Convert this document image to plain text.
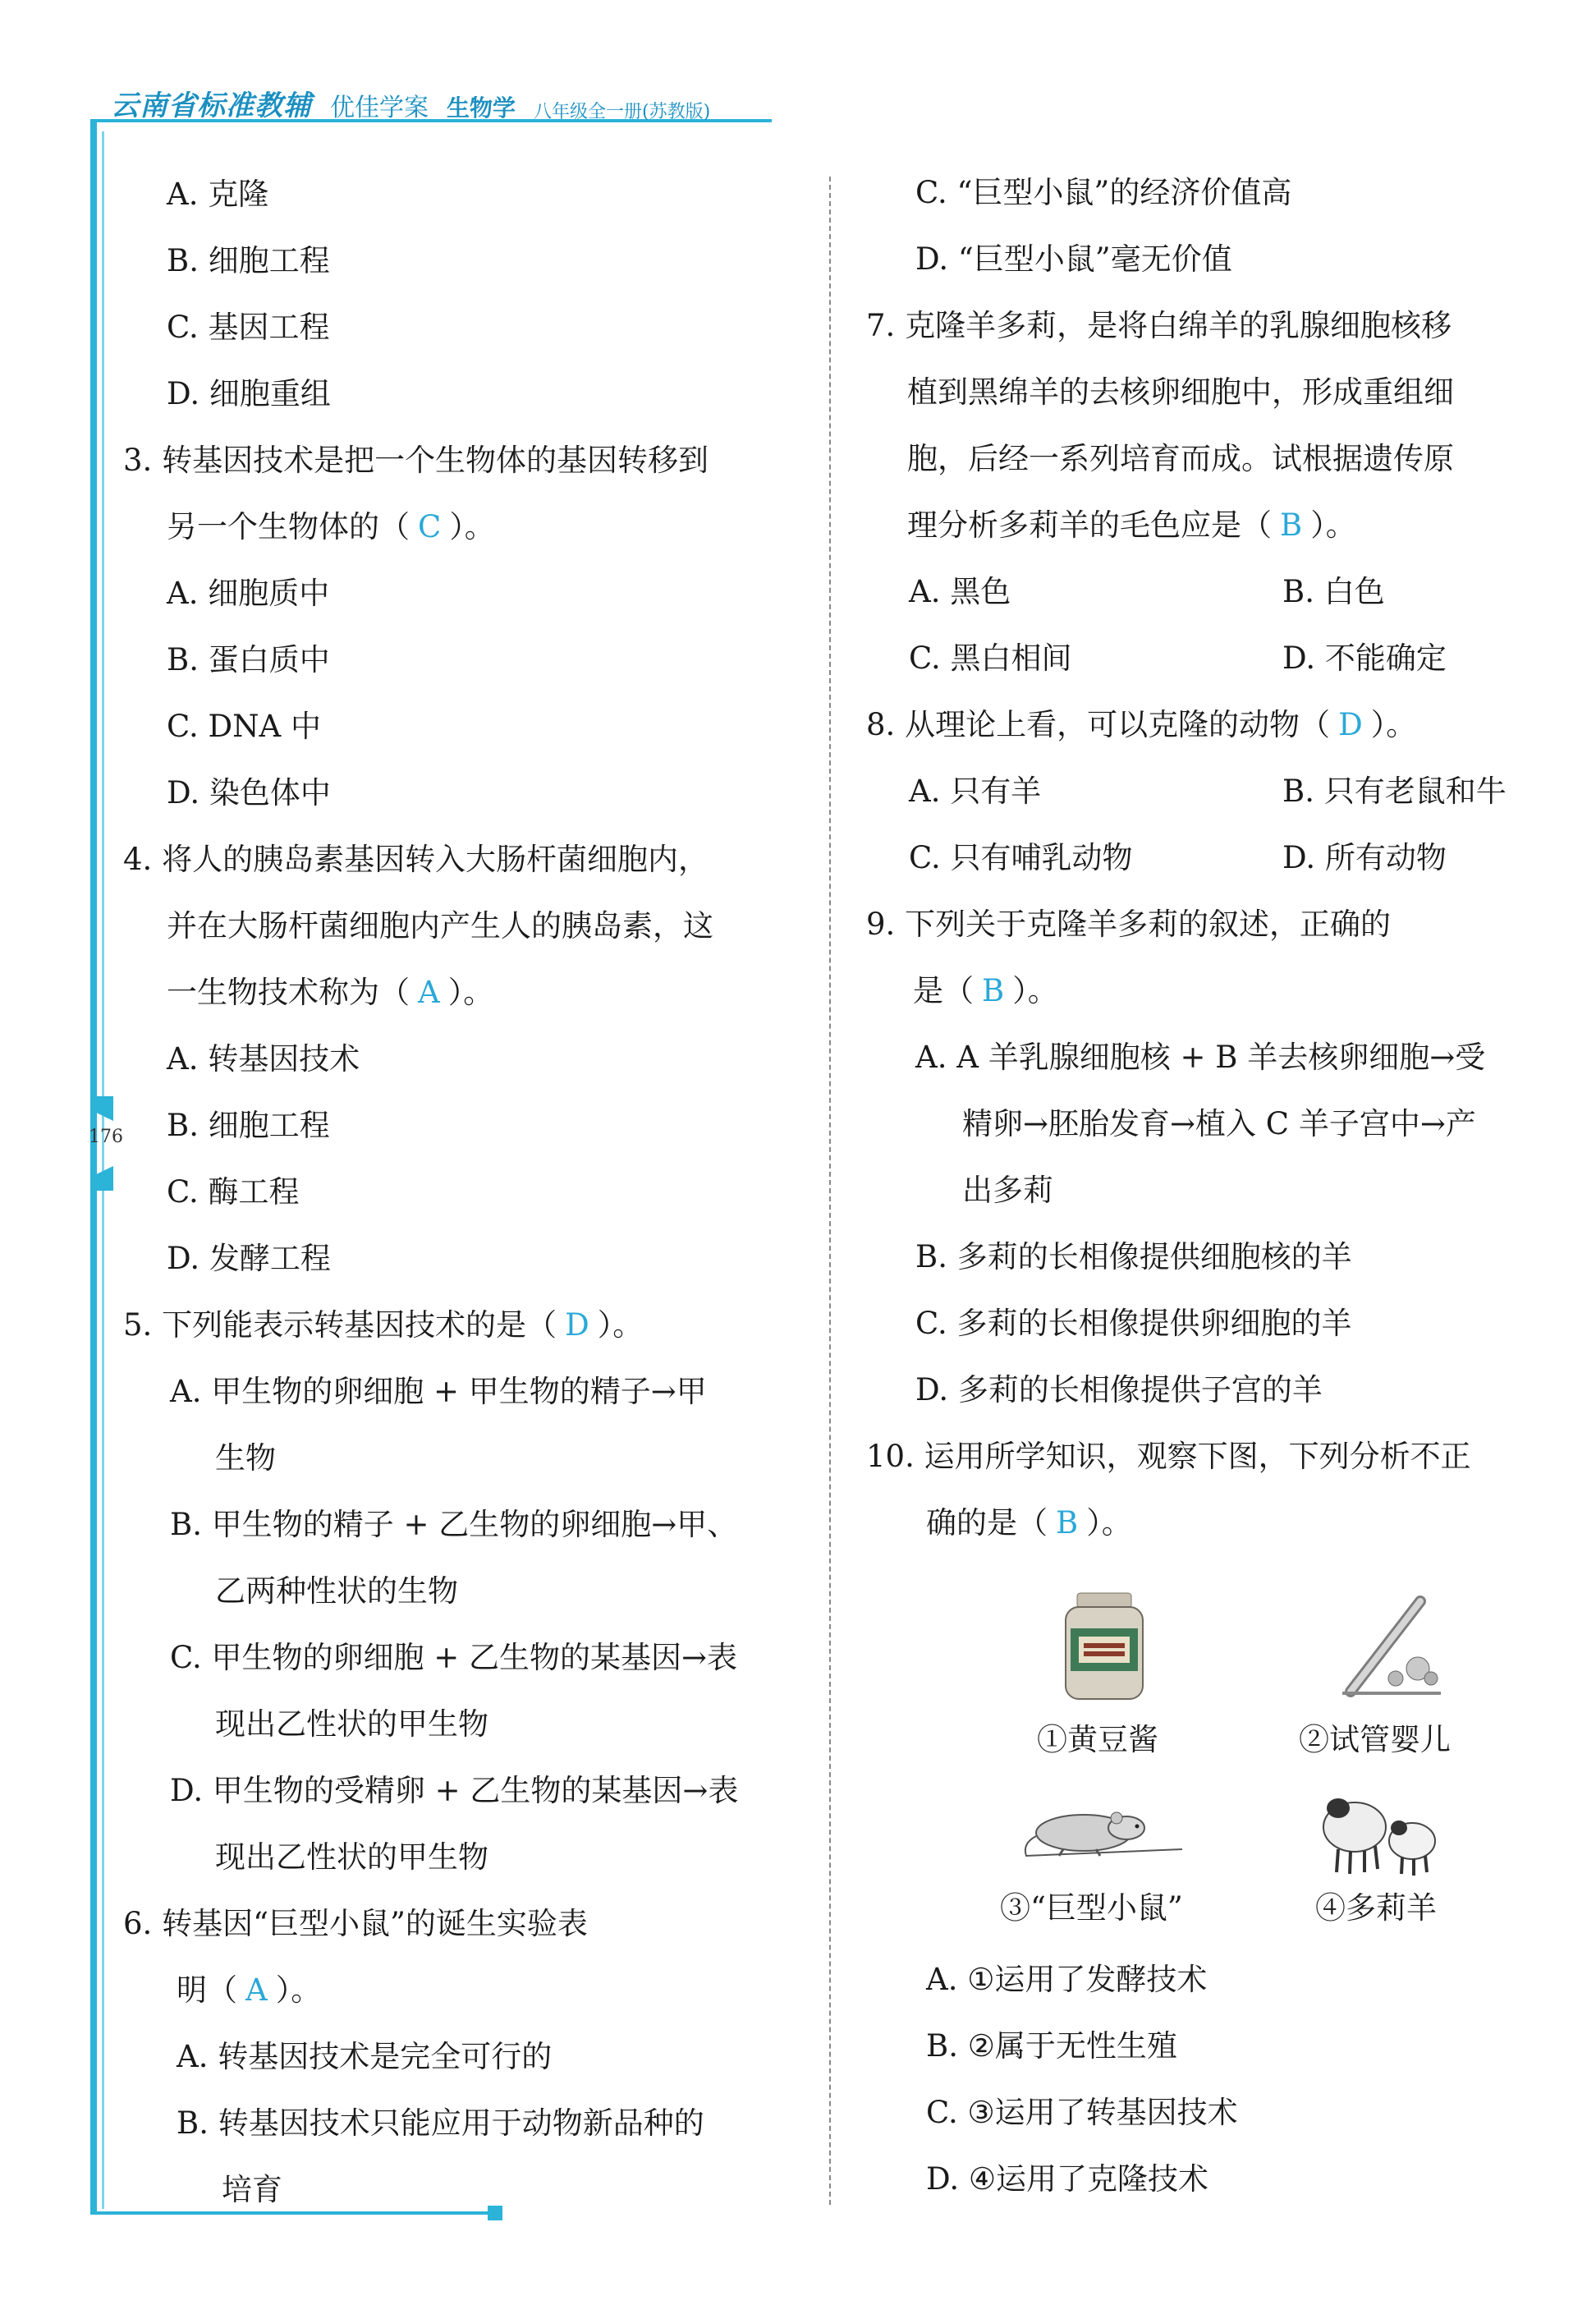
176
云南省标准教辅 优佳学案 生物学 八年级全一册(苏教版)
A. 克隆
B. 细胞工程
C. 基因工程
D. 细胞重组
3. 转基因技术是把一个生物体的基因转移到
另一个生物体的（ C ）。
A. 细胞质中
B. 蛋白质中
C. DNA 中
D. 染色体中
4. 将人的胰岛素基因转入大肠杆菌细胞内，
并在大肠杆菌细胞内产生人的胰岛素，这
一生物技术称为（ A ）。
A. 转基因技术
B. 细胞工程
C. 酶工程
D. 发酵工程
5. 下列能表示转基因技术的是（ D ）。
A. 甲生物的卵细胞 + 甲生物的精子→甲
生物
B. 甲生物的精子 + 乙生物的卵细胞→甲、
乙两种性状的生物
C. 甲生物的卵细胞 + 乙生物的某基因→表
现出乙性状的甲生物
D. 甲生物的受精卵 + 乙生物的某基因→表
现出乙性状的甲生物
6. 转基因“巨型小鼠”的诞生实验表
明（ A ）。
A. 转基因技术是完全可行的
B. 转基因技术只能应用于动物新品种的
培育
C. “巨型小鼠”的经济价值高
D. “巨型小鼠”毫无价值
7. 克隆羊多莉，是将白绵羊的乳腺细胞核移
植到黑绵羊的去核卵细胞中，形成重组细
胞，后经一系列培育而成。试根据遗传原
理分析多莉羊的毛色应是（ B ）。
A. 黑色	B. 白色
C. 黑白相间	D. 不能确定
8. 从理论上看，可以克隆的动物（ D ）。
A. 只有羊	B. 只有老鼠和牛
C. 只有哺乳动物	D. 所有动物
9. 下列关于克隆羊多莉的叙述，正确的
是（ B ）。
A. A 羊乳腺细胞核 + B 羊去核卵细胞→受
精卵→胚胎发育→植入 C 羊子宫中→产
出多莉
B. 多莉的长相像提供细胞核的羊
C. 多莉的长相像提供卵细胞的羊
D. 多莉的长相像提供子宫的羊
10. 运用所学知识，观察下图，下列分析不正
确的是（ B ）。
①黄豆酱	②试管婴儿
③“巨型小鼠”	④多莉羊
A. ①运用了发酵技术
B. ②属于无性生殖
C. ③运用了转基因技术
D. ④运用了克隆技术
